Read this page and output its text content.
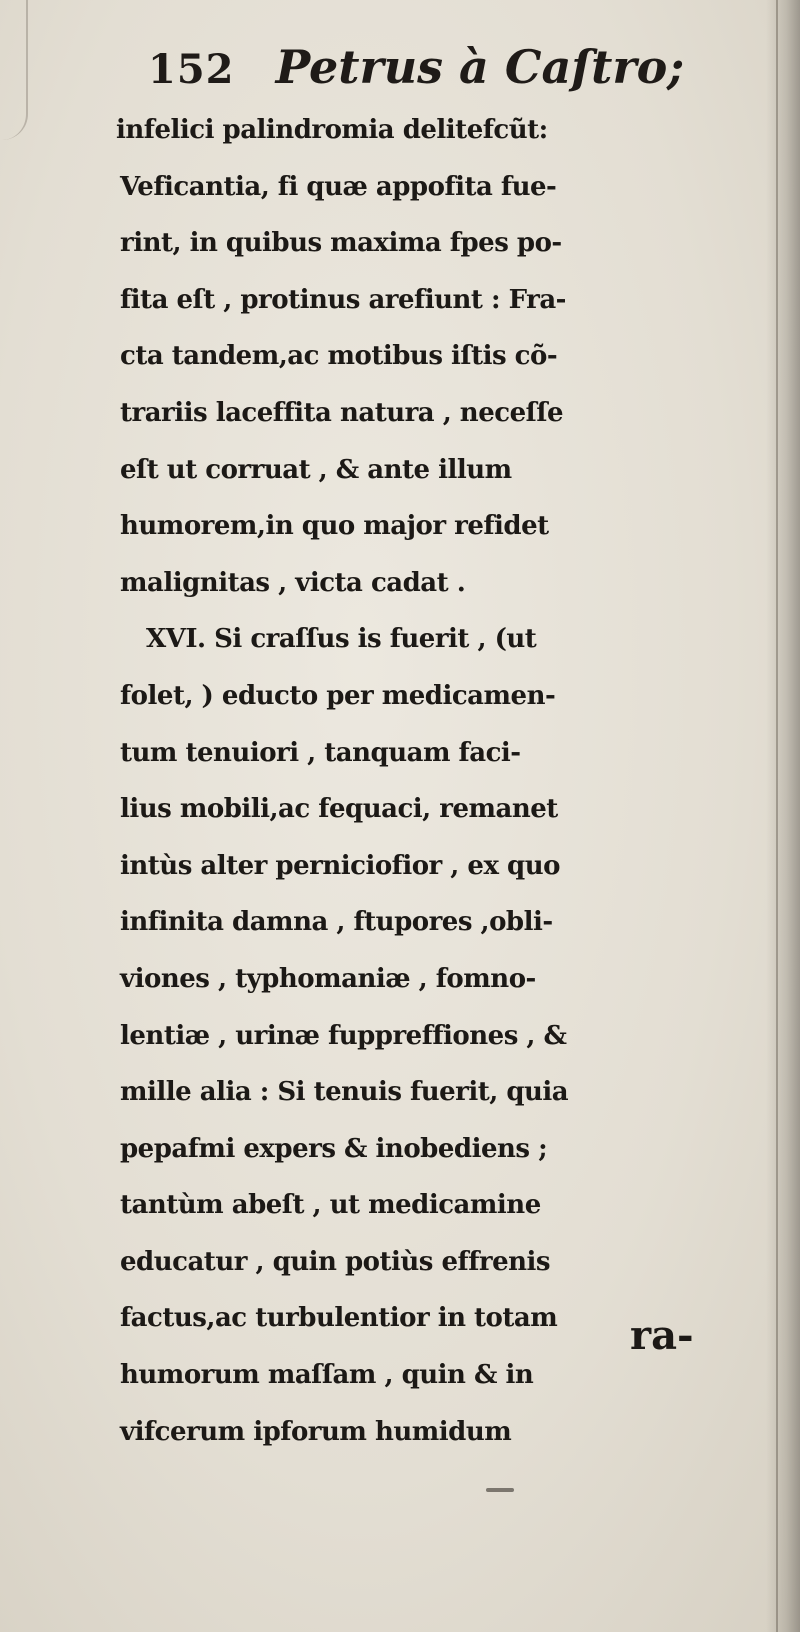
152 Petrus à Caſtro;
infelici palindromia delitefcũt:
Veficantia, fi quæ appofita fue-
rint, in quibus maxima fpes po-
fita eſt , protinus arefiunt : Fra-
cta tandem,ac motibus iſtis cõ-
trariis laceffita natura , neceſſe
eſt ut corruat , & ante illum
humorem,in quo major refidet
malignitas , victa cadat .
XVI. Si craſſus is fuerit , (ut
folet, ) educto per medicamen-
tum tenuiori , tanquam faci-
lius mobili,ac fequaci, remanet
intùs alter perniciofior , ex quo
infinita damna , ftupores ,obli-
viones , typhomaniæ , fomno-
lentiæ , urinæ fuppreffiones , &
mille alia : Si tenuis fuerit, quia
pepafmi expers & inobediens ;
tantùm abeſt , ut medicamine
educatur , quin potiùs effrenis
factus,ac turbulentior in totam
humorum maſſam , quin & in
vifcerum ipforum humidum
ra-
